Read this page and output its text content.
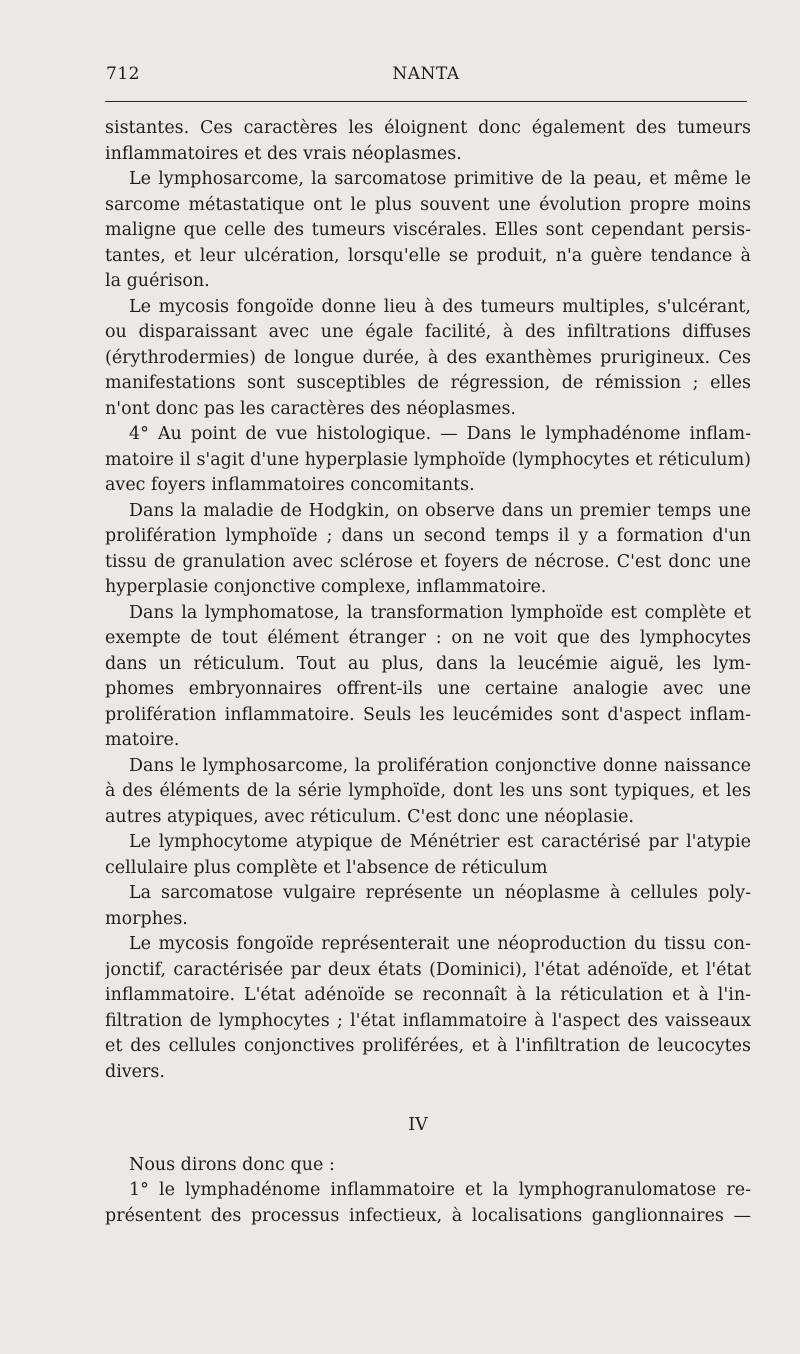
712	NANTA
sistantes. Ces caractères les éloignent donc également des tumeurs
inflammatoires et des vrais néoplasmes.
Le lymphosarcome, la sarcomatose primitive de la peau, et même le
sarcome métastatique ont le plus souvent une évolution propre moins
maligne que celle des tumeurs viscérales. Elles sont cependant persis-
tantes, et leur ulcération, lorsqu'elle se produit, n'a guère tendance à
la guérison.
Le mycosis fongoïde donne lieu à des tumeurs multiples, s'ulcérant,
ou disparaissant avec une égale facilité, à des infiltrations diffuses
(érythrodermies) de longue durée, à des exanthèmes prurigineux. Ces
manifestations sont susceptibles de régression, de rémission ; elles
n'ont donc pas les caractères des néoplasmes.
4° Au point de vue histologique. — Dans le lymphadénome inflam-
matoire il s'agit d'une hyperplasie lymphoïde (lymphocytes et réticulum)
avec foyers inflammatoires concomitants.
Dans la maladie de Hodgkin, on observe dans un premier temps une
prolifération lymphoïde ; dans un second temps il y a formation d'un
tissu de granulation avec sclérose et foyers de nécrose. C'est donc une
hyperplasie conjonctive complexe, inflammatoire.
Dans la lymphomatose, la transformation lymphoïde est complète et
exempte de tout élément étranger : on ne voit que des lymphocytes
dans un réticulum. Tout au plus, dans la leucémie aiguë, les lym-
phomes embryonnaires offrent-ils une certaine analogie avec une
prolifération inflammatoire. Seuls les leucémides sont d'aspect inflam-
matoire.
Dans le lymphosarcome, la prolifération conjonctive donne naissance
à des éléments de la série lymphoïde, dont les uns sont typiques, et les
autres atypiques, avec réticulum. C'est donc une néoplasie.
Le lymphocytome atypique de Ménétrier est caractérisé par l'atypie
cellulaire plus complète et l'absence de réticulum
La sarcomatose vulgaire représente un néoplasme à cellules poly-
morphes.
Le mycosis fongoïde représenterait une néoproduction du tissu con-
jonctif, caractérisée par deux états (Dominici), l'état adénoïde, et l'état
inflammatoire. L'état adénoïde se reconnaît à la réticulation et à l'in-
filtration de lymphocytes ; l'état inflammatoire à l'aspect des vaisseaux
et des cellules conjonctives proliférées, et à l'infiltration de leucocytes
divers.
IV
Nous dirons donc que :
1° le lymphadénome inflammatoire et la lymphogranulomatose re-
présentent des processus infectieux, à localisations ganglionnaires —
